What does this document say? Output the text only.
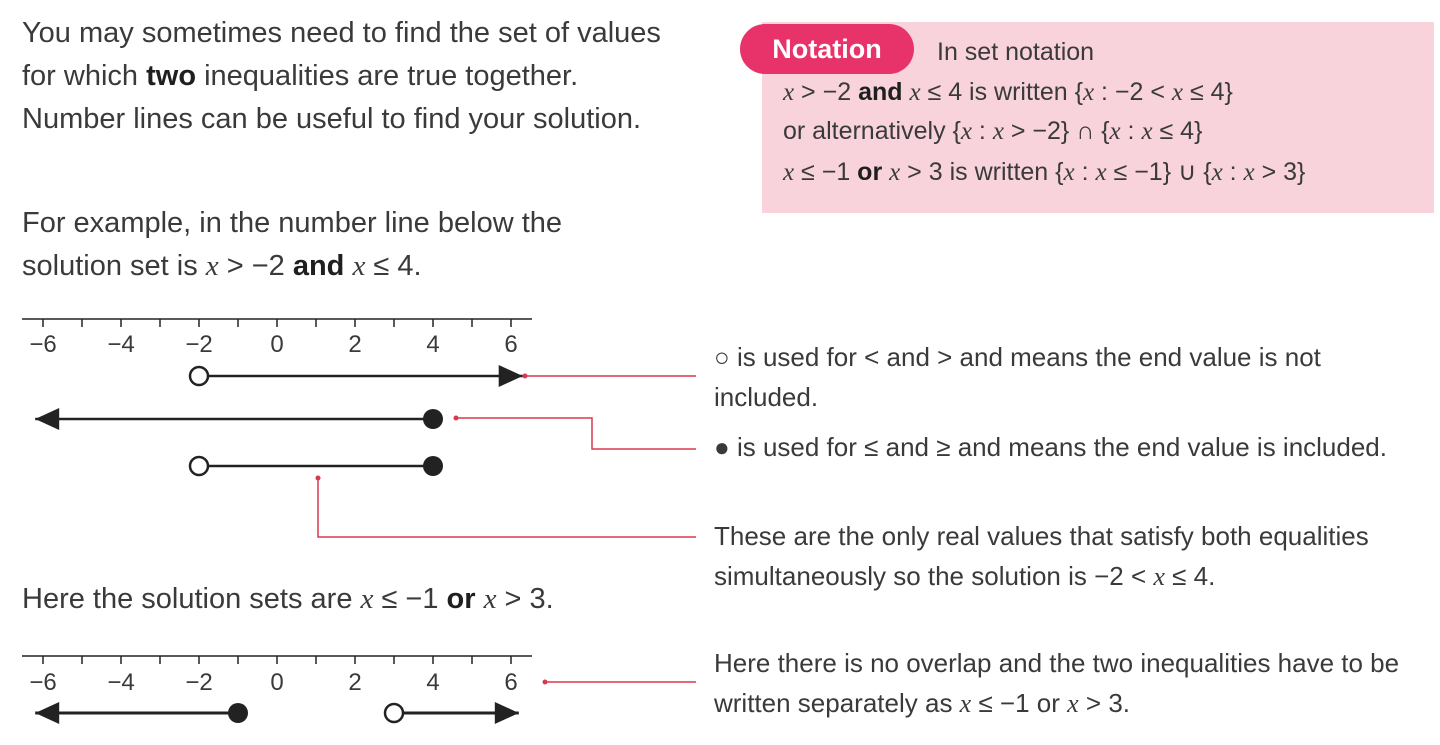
You may sometimes need to find the set of values for which two inequalities are true together. Number lines can be useful to find your solution.

For example, in the number line below the solution set is x > −2 and x ≤ 4.

Here the solution sets are x ≤ −1 or x > 3.

Notation	In set notation

x > −2 and x ≤ 4 is written {x : −2 < x ≤ 4}

or alternatively {x : x > −2} ∩ {x : x ≤ 4}

x ≤ −1 or x > 3 is written {x : x ≤ −1} ∪ {x : x > 3}

○ is used for < and > and means the end value is not included.

● is used for ≤ and ≥ and means the end value is included.

These are the only real values that satisfy both equalities simultaneously so the solution is −2 < x ≤ 4.

Here there is no overlap and the two inequalities have to be written separately as x ≤ −1 or x > 3.

−6 −4 −2 0	2	4	6
−6 −4 −2 0	2	4	6
